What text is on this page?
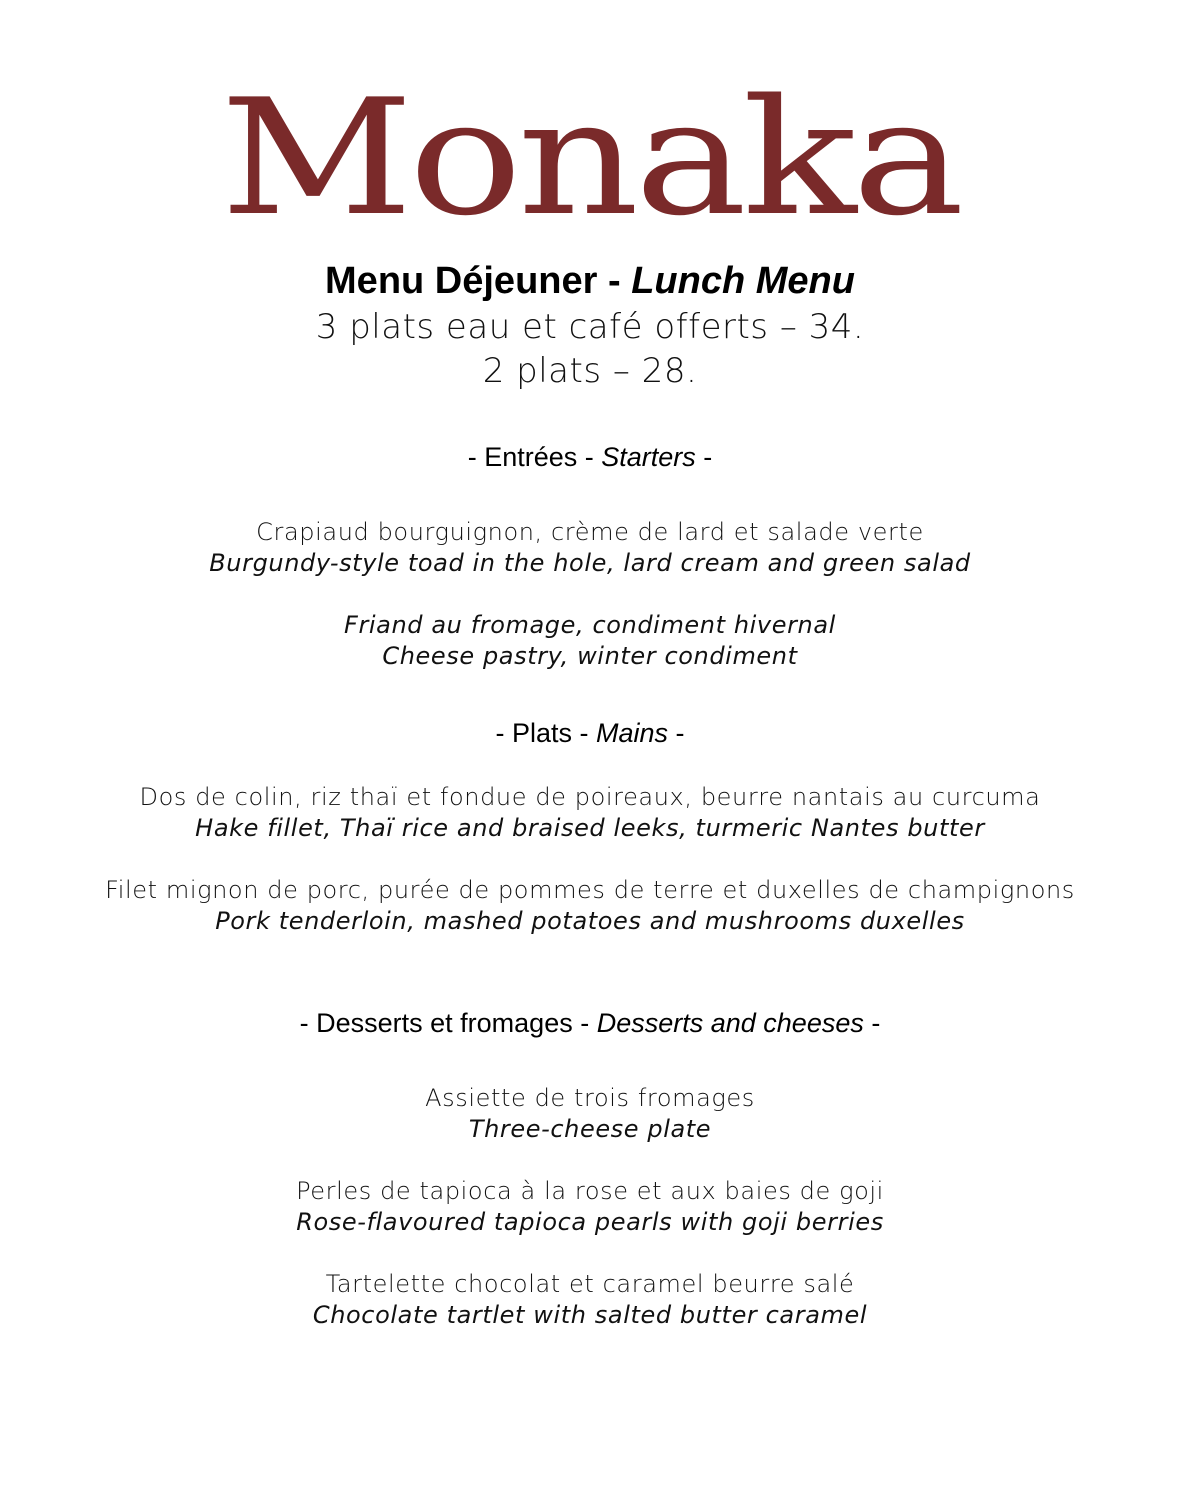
Monaka
Menu Déjeuner - Lunch Menu
3 plats eau et café offerts – 34.
2 plats – 28.
- Entrées - Starters -
Crapiaud bourguignon, crème de lard et salade verte
Burgundy-style toad in the hole, lard cream and green salad
Friand au fromage, condiment hivernal
Cheese pastry, winter condiment
- Plats - Mains -
Dos de colin, riz thaï et fondue de poireaux, beurre nantais au curcuma
Hake fillet, Thaï rice and braised leeks, turmeric Nantes butter
Filet mignon de porc, purée de pommes de terre et duxelles de champignons
Pork tenderloin, mashed potatoes and mushrooms duxelles
- Desserts et fromages - Desserts and cheeses -
Assiette de trois fromages
Three-cheese plate
Perles de tapioca à la rose et aux baies de goji
Rose-flavoured tapioca pearls with goji berries
Tartelette chocolat et caramel beurre salé
Chocolate tartlet with salted butter caramel
